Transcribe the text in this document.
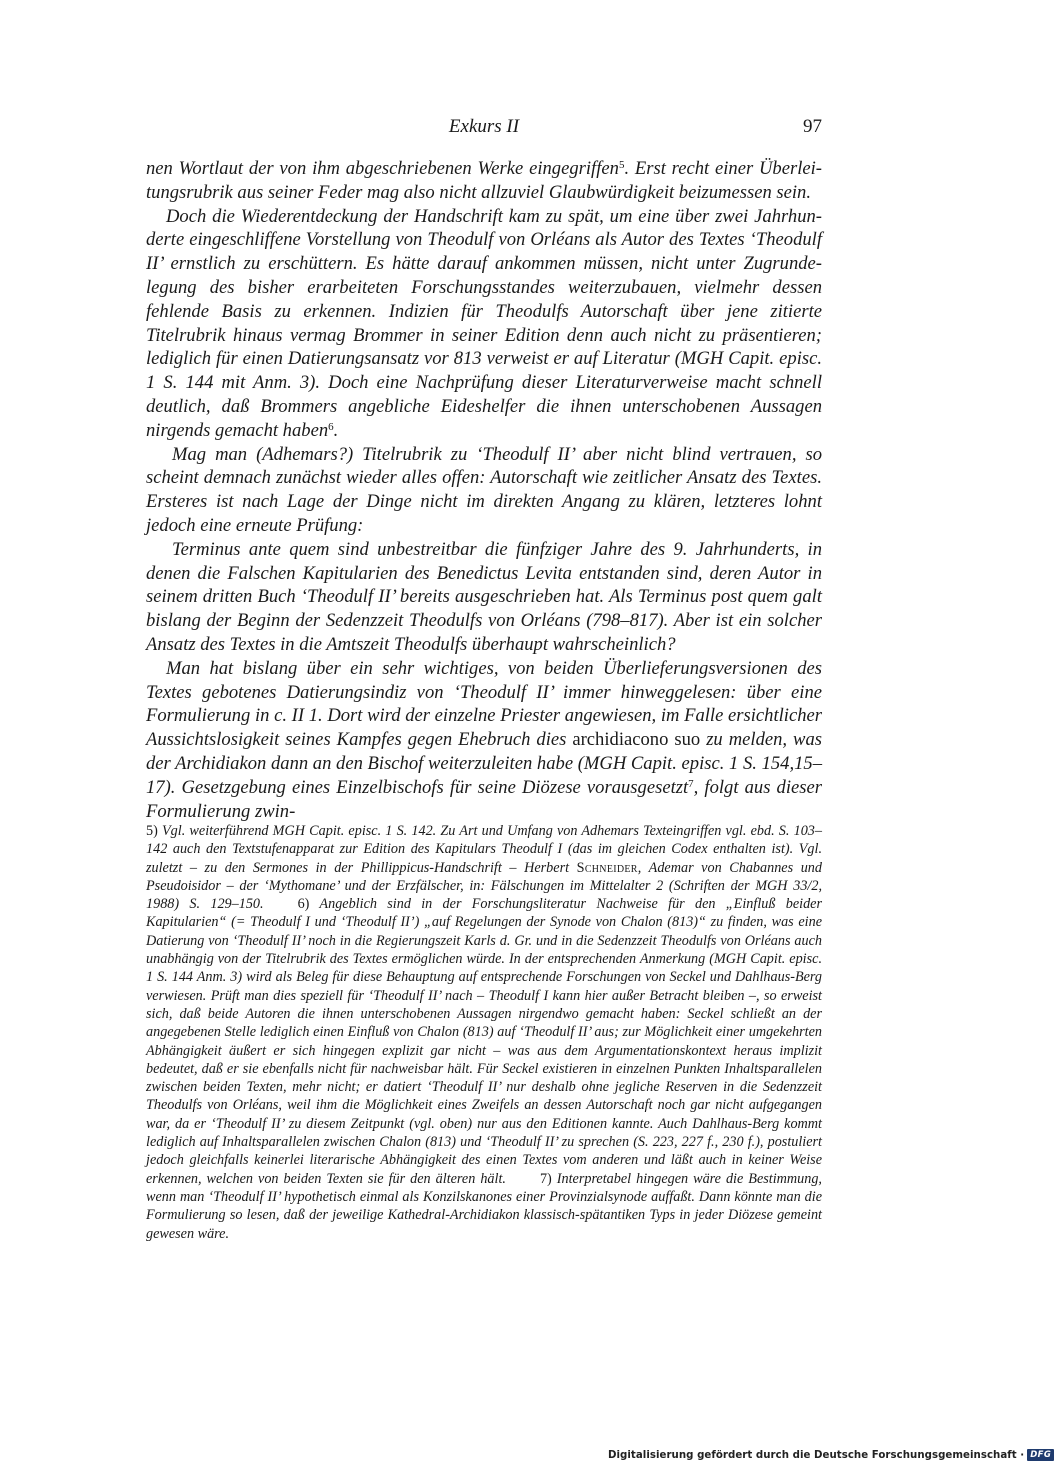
Exkurs II	97

nen Wortlaut der von ihm abgeschriebenen Werke eingegriffen$^5$. Erst recht einer Überleitungsrubrik aus seiner Feder mag also nicht allzuviel Glaubwürdigkeit beizumessen sein.

Doch die Wiederentdeckung der Handschrift kam zu spät, um eine über zwei Jahrhunderte eingeschliffene Vorstellung von Theodulf von Orléans als Autor des Textes ‘Theodulf II’ ernstlich zu erschüttern. Es hätte darauf ankommen müssen, nicht unter Zugrundelegung des bisher erarbeiteten Forschungsstandes weiterzubauen, vielmehr dessen fehlende Basis zu erkennen. Indizien für Theodulfs Autorschaft über jene zitierte Titelrubrik hinaus vermag Brommer in seiner Edition denn auch nicht zu präsentieren; lediglich für einen Datierungsansatz vor 813 verweist er auf Literatur (MGH Capit. episc. 1 S. 144 mit Anm. 3). Doch eine Nachprüfung dieser Literaturverweise macht schnell deutlich, daß Brommers angebliche Eideshelfer die ihnen unterschobenen Aussagen nirgends gemacht haben$^6$.

Mag man (Adhemars?) Titelrubrik zu ‘Theodulf II’ aber nicht blind vertrauen, so scheint demnach zunächst wieder alles offen: Autorschaft wie zeitlicher Ansatz des Textes. Ersteres ist nach Lage der Dinge nicht im direkten Angang zu klären, letzteres lohnt jedoch eine erneute Prüfung:

Terminus ante quem sind unbestreitbar die fünfziger Jahre des 9. Jahrhunderts, in denen die Falschen Kapitularien des Benedictus Levita entstanden sind, deren Autor in seinem dritten Buch ‘Theodulf II’ bereits ausgeschrieben hat. Als Terminus post quem galt bislang der Beginn der Sedenzzeit Theodulfs von Orléans (798–817). Aber ist ein solcher Ansatz des Textes in die Amtszeit Theodulfs überhaupt wahrscheinlich?

Man hat bislang über ein sehr wichtiges, von beiden Überlieferungsversionen des Textes gebotenes Datierungsindiz von ‘Theodulf II’ immer hinweggelesen: über eine Formulierung in c. II 1. Dort wird der einzelne Priester angewiesen, im Falle ersichtlicher Aussichtslosigkeit seines Kampfes gegen Ehebruch dies archidiacono suo zu melden, was der Archidiakon dann an den Bischof weiterzuleiten habe (MGH Capit. episc. 1 S. 154,15–17). Gesetzgebung eines Einzelbischofs für seine Diözese vorausgesetzt$^7$, folgt aus dieser Formulierung zwin-

5) Vgl. weiterführend MGH Capit. episc. 1 S. 142. Zu Art und Umfang von Adhemars Texteingriffen vgl. ebd. S. 103–142 auch den Textstufenapparat zur Edition des Kapitulars Theodulf I (das im gleichen Codex enthalten ist). Vgl. zuletzt – zu den Sermones in der Phillippicus-Handschrift – Herbert Schneider, Ademar von Chabannes und Pseudoisidor – der ‘Mythomane’ und der Erzfälscher, in: Fälschungen im Mittelalter 2 (Schriften der MGH 33/2, 1988) S. 129–150. 6) Angeblich sind in der Forschungsliteratur Nachweise für den „Einfluß beider Kapitularien“ (= Theodulf I und ‘Theodulf II’) „auf Regelungen der Synode von Chalon (813)“ zu finden, was eine Datierung von ‘Theodulf II’ noch in die Regierungszeit Karls d. Gr. und in die Sedenzzeit Theodulfs von Orléans auch unabhängig von der Titelrubrik des Textes ermöglichen würde. In der entsprechenden Anmerkung (MGH Capit. episc. 1 S. 144 Anm. 3) wird als Beleg für diese Behauptung auf entsprechende Forschungen von Seckel und Dahlhaus-Berg verwiesen. Prüft man dies speziell für ‘Theodulf II’ nach – Theodulf I kann hier außer Betracht bleiben –, so erweist sich, daß beide Autoren die ihnen unterschobenen Aussagen nirgendwo gemacht haben: Seckel schließt an der angegebenen Stelle lediglich einen Einfluß von Chalon (813) auf ‘Theodulf II’ aus; zur Möglichkeit einer umgekehrten Abhängigkeit äußert er sich hingegen explizit gar nicht – was aus dem Argumentationskontext heraus implizit bedeutet, daß er sie ebenfalls nicht für nachweisbar hält. Für Seckel existieren in einzelnen Punkten Inhaltsparallelen zwischen beiden Texten, mehr nicht; er datiert ‘Theodulf II’ nur deshalb ohne jegliche Reserven in die Sedenzzeit Theodulfs von Orléans, weil ihm die Möglichkeit eines Zweifels an dessen Autorschaft noch gar nicht aufgegangen war, da er ‘Theodulf II’ zu diesem Zeitpunkt (vgl. oben) nur aus den Editionen kannte. Auch Dahlhaus-Berg kommt lediglich auf Inhaltsparallelen zwischen Chalon (813) und ‘Theodulf II’ zu sprechen (S. 223, 227 f., 230 f.), postuliert jedoch gleichfalls keinerlei literarische Abhängigkeit des einen Textes vom anderen und läßt auch in keiner Weise erkennen, welchen von beiden Texten sie für den älteren hält. 7) Interpretabel hingegen wäre die Bestimmung, wenn man ‘Theodulf II’ hypothetisch einmal als Konzilskanones einer Provinzialsynode auffaßt. Dann könnte man die Formulierung so lesen, daß der jeweilige Kathedral-Archidiakon klassisch-spätantiken Typs in jeder Diözese gemeint gewesen wäre.

Digitalisierung gefördert durch die Deutsche Forschungsgemeinschaft · DFG
